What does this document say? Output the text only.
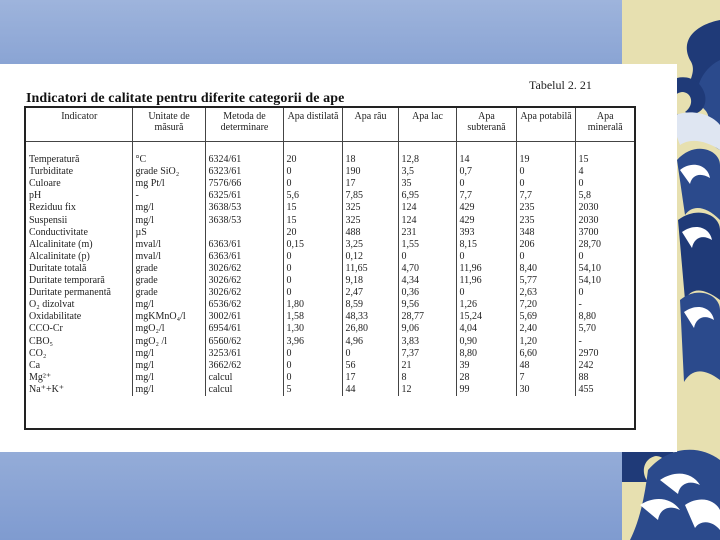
Tabelul 2. 21
Indicatori de calitate pentru diferite categorii de ape
Indicator	Unitate de măsură	Metoda de determinare	Apa distilată	Apa râu	Apa lac	Apa subterană	Apa potabilă	Apa minerală

Temperatură	°C	6324/61	20	18	12,8	14	19	15
Turbiditate	grade SiO₂	6323/61	0	190	3,5	0,7	0	4
Culoare	mg Pt/l	7576/66	0	17	35	0	0	0
pH	-	6325/61	5,6	7,85	6,95	7,7	7,7	5,8
Reziduu fix	mg/l	3638/53	15	325	124	429	235	2030
Suspensii	mg/l	3638/53	15	325	124	429	235	2030
Conductivitate	µS		20	488	231	393	348	3700
Alcalinitate (m)	mval/l	6363/61	0,15	3,25	1,55	8,15	206	28,70
Alcalinitate (p)	mval/l	6363/61	0	0,12	0	0	0	0
Duritate totală	grade	3026/62	0	11,65	4,70	11,96	8,40	54,10
Duritate temporară	grade	3026/62	0	9,18	4,34	11,96	5,77	54,10
Duritate permanentă	grade	3026/62	0	2,47	0,36	0	2,63	0
O₂ dizolvat	mg/l	6536/62	1,80	8,59	9,56	1,26	7,20	-
Oxidabilitate	mgKMnO₄/l	3002/61	1,58	48,33	28,77	15,24	5,69	8,80
CCO-Cr	mgO₂/l	6954/61	1,30	26,80	9,06	4,04	2,40	5,70
CBO₅	mgO₂ /l	6560/62	3,96	4,96	3,83	0,90	1,20	-
CO₂	mg/l	3253/61	0	0	7,37	8,80	6,60	2970
Ca	mg/l	3662/62	0	56	21	39	48	242
Mg²⁺	mg/l	calcul	0	17	8	28	7	88
Na⁺+K⁺	mg/l	calcul	5	44	12	99	30	455
